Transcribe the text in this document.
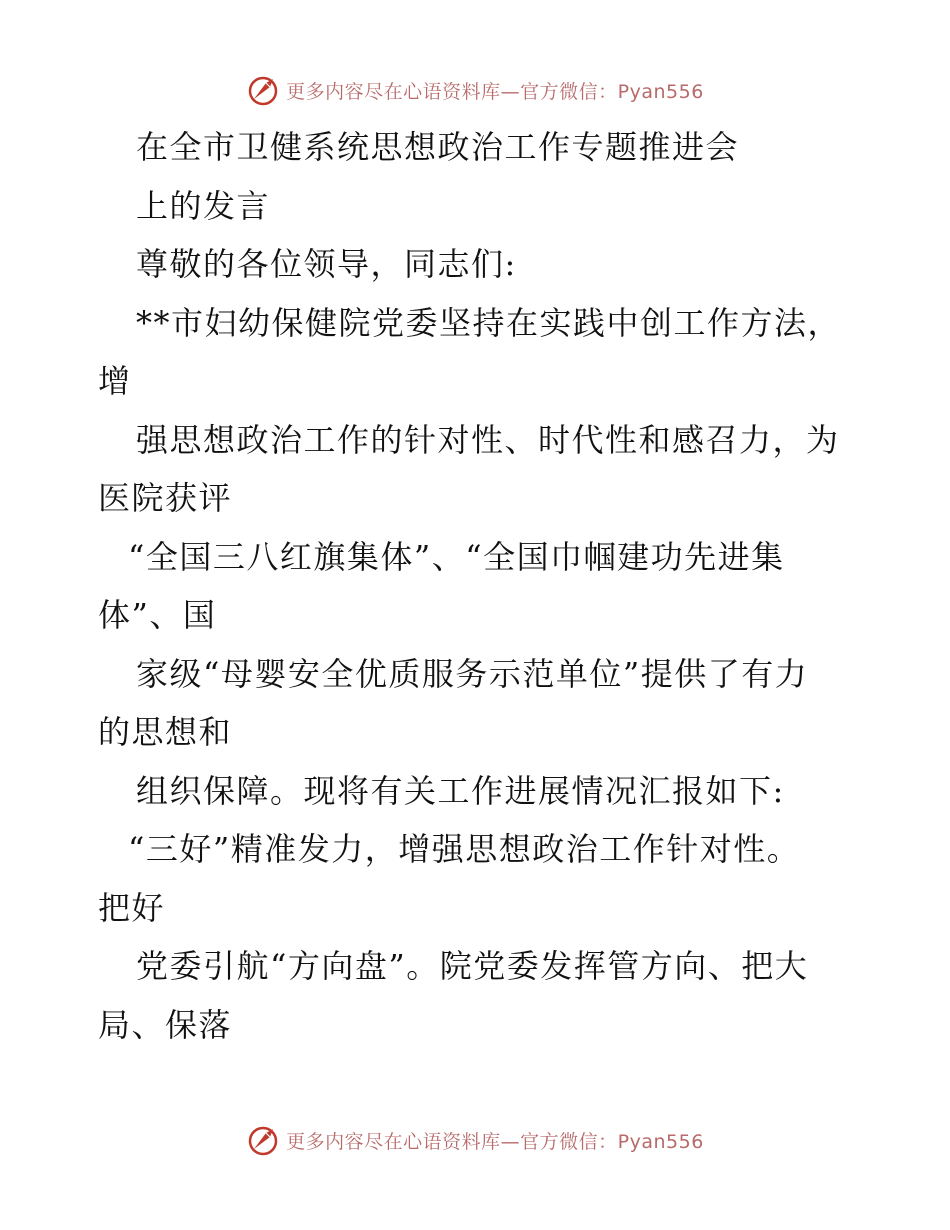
更多内容尽在心语资料库—官方微信：Pyan556
在全市卫健系统思想政治工作专题推进会
上的发言
尊敬的各位领导，同志们:
**市妇幼保健院党委坚持在实践中创工作方法，
增
强思想政治工作的针对性、时代性和感召力，为
医院获评
“全国三八红旗集体”、“全国巾帼建功先进集
体”、国
家级“母婴安全优质服务示范单位”提供了有力
的思想和
组织保障。现将有关工作进展情况汇报如下:
“三好”精准发力，增强思想政治工作针对性。
把好
党委引航“方向盘”。院党委发挥管方向、把大
局、保落
更多内容尽在心语资料库—官方微信：Pyan556
